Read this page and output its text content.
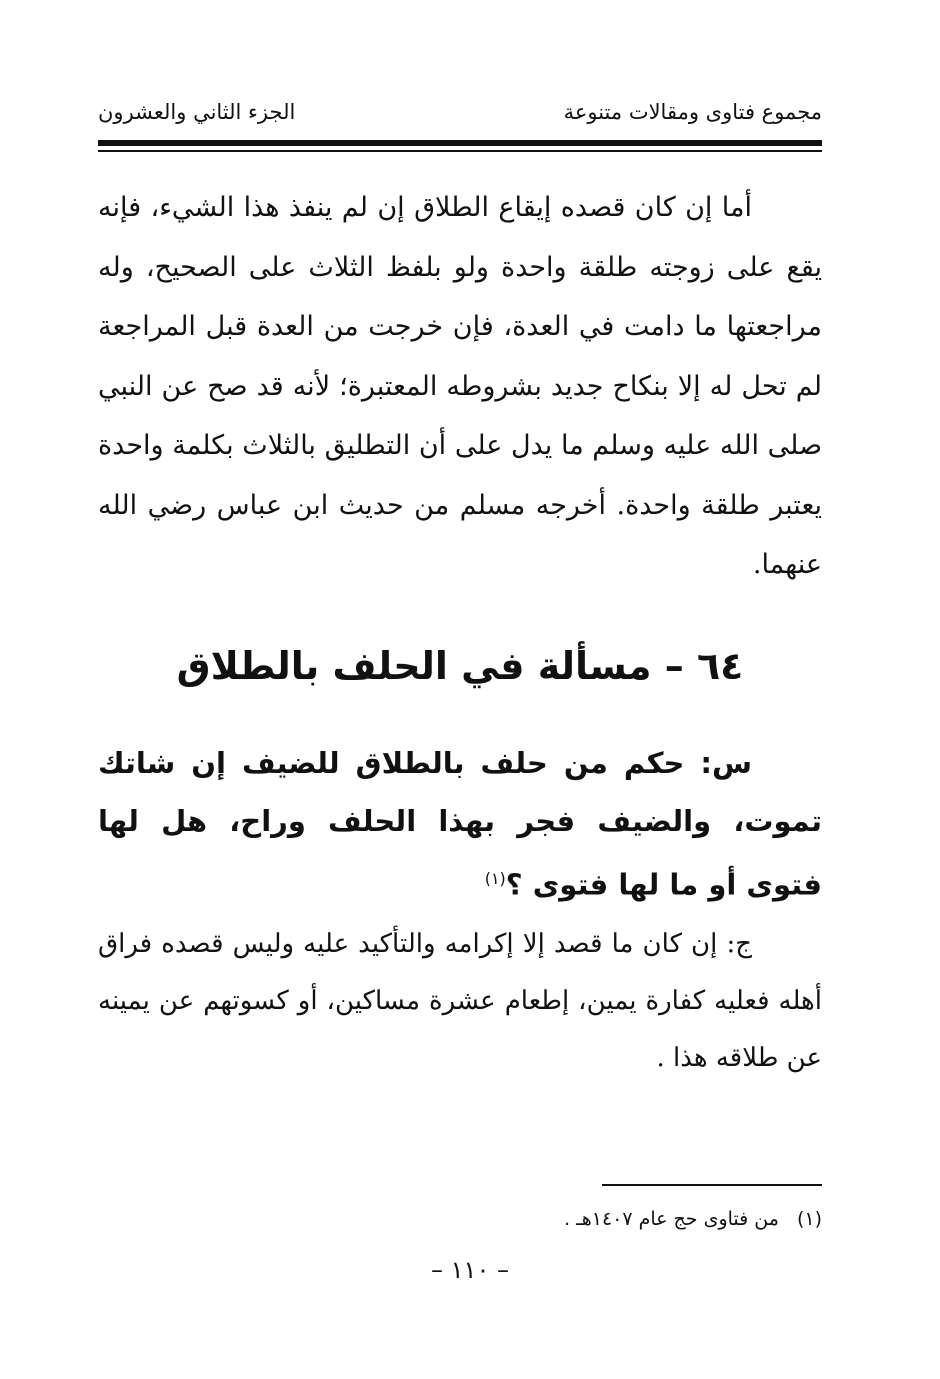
مجموع فتاوى ومقالات متنوعة
الجزء الثاني والعشرون

أما إن كان قصده إيقاع الطلاق إن لم ينفذ هذا الشيء، فإنه يقع على زوجته طلقة واحدة ولو بلفظ الثلاث على الصحيح، وله مراجعتها ما دامت في العدة، فإن خرجت من العدة قبل المراجعة لم تحل له إلا بنكاح جديد بشروطه المعتبرة؛ لأنه قد صح عن النبي صلى الله عليه وسلم ما يدل على أن التطليق بالثلاث بكلمة واحدة يعتبر طلقة واحدة. أخرجه مسلم من حديث ابن عباس رضي الله عنهما.

٦٤ – مسألة في الحلف بالطلاق

س: حكم من حلف بالطلاق للضيف إن شاتك تموت، والضيف فجر بهذا الحلف وراح، هل لها فتوى أو ما لها فتوى ؟$^{(١)}$

ج: إن كان ما قصد إلا إكرامه والتأكيد عليه وليس قصده فراق أهله فعليه كفارة يمين، إطعام عشرة مساكين، أو كسوتهم عن يمينه عن طلاقه هذا .

(١)من فتاوى حج عام ١٤٠٧هـ .
– ١١٠ –
